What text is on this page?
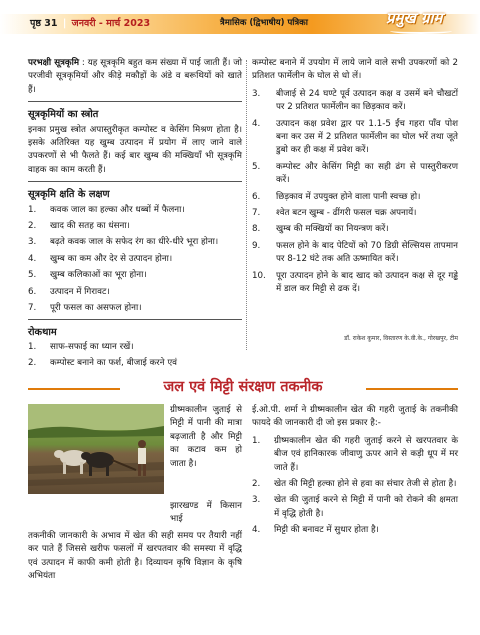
पृष्ठ 31 | जनवरी - मार्च 2023	त्रैमासिक (द्विभाषीय) पत्रिका	प्रमुख ग्राम

परभक्षी सूत्रकृमि : यह सूत्रकृमि बहुत कम संख्या में पाई जाती हैं। जो परजीवी सूत्रकृमियों और कीड़े मकौड़ों के अंडे व बरूथियों को खाते हैं।

सूत्रकृमियों का स्त्रोत

इनका प्रमुख स्त्रोत अपास्तुरीकृत कम्पोस्ट व केसिंग मिश्रण होता है। इसके अतिरिक्त यह खुम्ब उत्पादन में प्रयोग में लाए जाने वाले उपकरणों से भी फैलते हैं। कई बार खुम्ब की मक्खियाँ भी सूत्रकृमि वाहक का काम करती हैं।

सूत्रकृमि क्षति के लक्षण
1.	कवक जाल का हल्का और धब्बों में फैलना।
2.	खाद की सतह का धंसना।
3.	बढ़ते कवक जाल के सफेद रंग का धीरे-धीरे भूरा होना।
4.	खुम्ब का कम और देर से उत्पादन होना।
5.	खुम्ब कलिकाओं का भूरा होना।
6.	उत्पादन में गिरावट।
7.	पूरी फसल का असफल होना।
रोकथाम
1.	साफ-सफाई का ध्यान रखें।
2.	कम्पोस्ट बनाने का फर्श, बीजाई करने एवं

कम्पोस्ट बनाने में उपयोग में लाये जाने वाले सभी उपकरणों को 2 प्रतिशत फार्मेलीन के घोल से धो लें।

3.	बीजाई से 24 घण्टे पूर्व उत्पादन कक्ष व उसमें बने चौखटों पर 2 प्रतिशत फार्मेलीन का छिड़काव करें।
4.	उत्पादन कक्ष प्रवेश द्वार पर 1.1-5 ईंच गहरा पाँव पोश बना कर उस में 2 प्रतिशत फार्मेलीन का घोल भरें तथा जूते डुबो कर ही कक्ष में प्रवेश करें।
5.	कम्पोस्ट और केसिंग मिट्टी का सही ढंग से पास्तुरीकरण करें।
6.	छिड़काव में उपयुक्त होने वाला पानी स्वच्छ हो।
7.	श्वेत बटन खुम्ब - ढींगरी फसल चक्र अपनायें।
8.	खुम्ब की मक्खियों का नियन्त्रण करें।
9.	फसल होने के बाद पेटियों को 70 डिग्री सेल्सियस तापमान पर 8-12 घंटे तक अति ऊष्मायित करें।
10.	पूरा उत्पादन होने के बाद खाद को उत्पादन कक्ष से दूर गड्ढे में डाल कर मिट्टी से ढक दें।
डॉ. राकेश कुमार, विस्तारण के.वी.के., गोरखपुर, टीम
जल एवं मिट्टी संरक्षण तकनीक

ग्रीष्मकालीन जुताई से मिट्टी में पानी की मात्रा बढ़जाती है और मिट्टी का कटाव कम हो जाता है।

झारखण्ड में किसान भाई

तकनीकी जानकारी के अभाव में खेत की सही समय पर तैयारी नहीं कर पाते हैं जिससे खरीफ फसलों में खरपतवार की समस्या में वृद्धि एवं उत्पादन में काफी कमी होती है। दिव्यायन कृषि विज्ञान के कृषि अभियंता

ई.ओ.पी. शर्मा ने ग्रीष्मकालीन खेत की गहरी जुताई के तकनीकी फायदे की जानकारी दी जो इस प्रकार है:-

1.	ग्रीष्मकालीन खेत की गहरी जुताई करने से खरपतवार के बीज एवं हानिकारक जीवाणु ऊपर आने से कड़ी धूप में मर जाते हैं।
2.	खेत की मिट्टी हल्का होने से हवा का संचार तेजी से होता है।
3.	खेत की जुताई करने से मिट्टी में पानी को रोकने की क्षमता में वृद्धि होती है।
4.	मिट्टी की बनावट में सुधार होता है।
